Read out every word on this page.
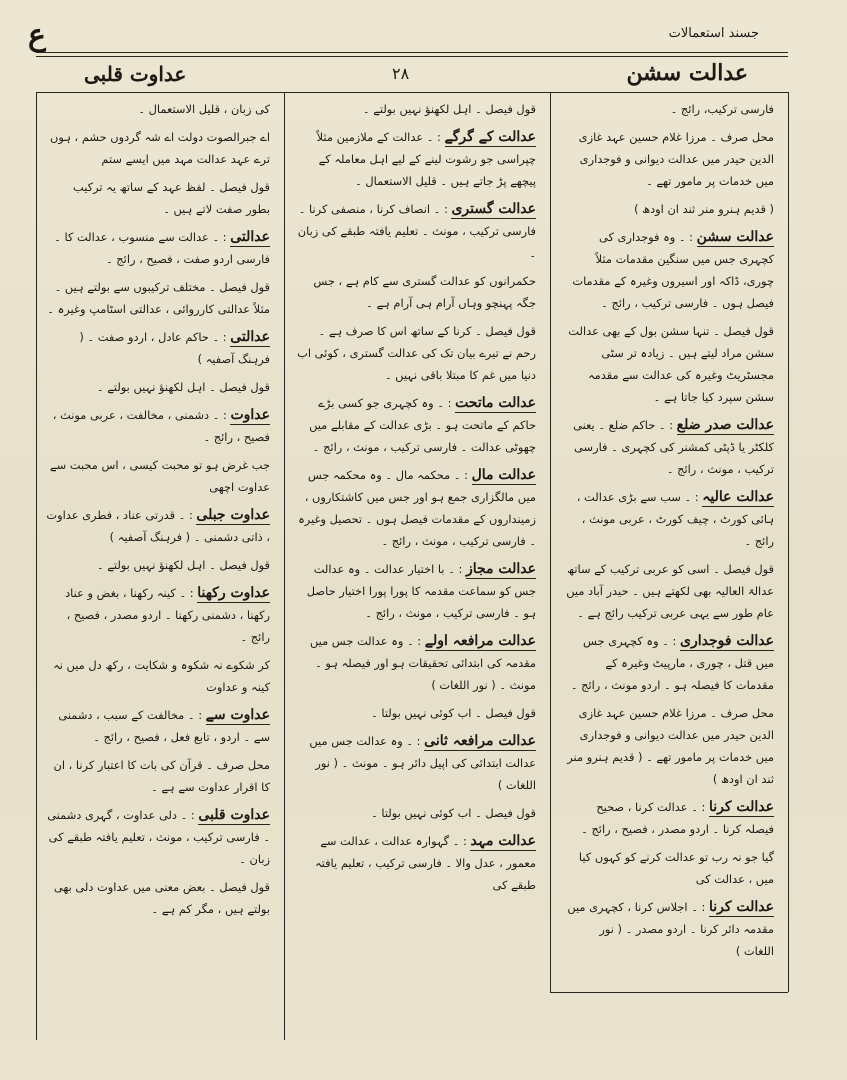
ع	جسند استعمالات
عداوت قلبی	۲۸	عدالت سشن
فارسی ترکیب، رائج ۔
محل صرف ۔ مرزا غلام حسین عہد غازی الدین حیدر میں عدالت دیوانی و فوجداری میں خدمات پر مامور تھے ۔
( قدیم ہنرو منر ثند ان اودھ )
عدالت سشن : ۔ وہ فوجداری کی کچہری جس میں سنگین مقدمات مثلاً چوری، ڈاکہ اور اسیروں وغیرہ کے مقدمات فیصل ہوں ۔ فارسی ترکیب ، رائج ۔
قول فیصل ۔ تنہا سشن بول کے بھی عدالت سشن مراد لیتے ہیں ۔ زیادہ تر سٹی مجسٹریٹ وغیرہ کی عدالت سے مقدمہ سشن سپرد کیا جاتا ہے ۔
عدالت صدر ضلع : ۔ حاکم ضلع ۔ یعنی کلکٹر یا ڈپٹی کمشنر کی کچہری ۔ فارسی ترکیب ، مونث ، رائج ۔
عدالت عالیہ : ۔ سب سے بڑی عدالت ، ہائی کورٹ ، چیف کورٹ ، عربی مونث ، رائج ۔
قول فیصل ۔ اسی کو عربی ترکیب کے ساتھ عدالۃ العالیہ بھی لکھتے ہیں ۔ حیدر آباد میں عام طور سے یہی عربی ترکیب رائج ہے ۔
عدالت فوجداری : ۔ وہ کچہری جس میں قتل ، چوری ، مارپیٹ وغیرہ کے مقدمات کا فیصلہ ہو ۔ اردو مونث ، رائج ۔
محل صرف ۔ مرزا غلام حسین عہد غازی الدین حیدر میں عدالت دیوانی و فوجداری میں خدمات پر مامور تھے ۔ ( قدیم ہنرو منر ثند ان اودھ )
عدالت کرنا : ۔ عدالت کرنا ، صحیح فیصلہ کرنا ۔ اردو مصدر ، فصیح ، رائج ۔
گیا جو نہ رب تو عدالت کرنے کو کہوں کیا میں ، عدالت کی
عدالت کرنا : ۔ اجلاس کرنا ، کچہری میں مقدمہ دائر کرنا ۔ اردو مصدر ۔ ( نور اللغات )
قول فیصل ۔ اہل لکھنؤ نہیں بولتے ۔
عدالت کے گرگے : ۔ عدالت کے ملازمین مثلاً چپراسی جو رشوت لینے کے لیے اہل معاملہ کے پیچھے پڑ جاتے ہیں ۔ قلیل الاستعمال ۔
عدالت گستری : ۔ انصاف کرنا ، منصفی کرنا ۔ فارسی ترکیب ، مونث ۔ تعلیم یافتہ طبقے کی زبان ۔
حکمرانوں کو عدالت گستری سے کام ہے ، جس جگہ پہنچو وہاں آرام ہی آرام ہے ۔
قول فیصل ۔ کرنا کے ساتھ اس کا صرف ہے ۔ رحم نے تیرے بیان تک کی عدالت گستری ، کوئی اب دنیا میں غم کا مبتلا باقی نہیں ۔
عدالت ماتحت : ۔ وہ کچہری جو کسی بڑے حاکم کے ماتحت ہو ۔ بڑی عدالت کے مقابلے میں چھوٹی عدالت ۔ فارسی ترکیب ، مونث ، رائج ۔
عدالت مال : ۔ محکمہ مال ۔ وہ محکمہ جس میں مالگزاری جمع ہو اور جس میں کاشتکاروں ، زمینداروں کے مقدمات فیصل ہوں ۔ تحصیل وغیرہ ۔ فارسی ترکیب ، مونث ، رائج ۔
عدالت مجاز : ۔ با اختیار عدالت ۔ وہ عدالت جس کو سماعت مقدمہ کا پورا پورا اختیار حاصل ہو ۔ فارسی ترکیب ، مونث ، رائج ۔
عدالت مرافعہ اولے : ۔ وہ عدالت جس میں مقدمہ کی ابتدائی تحقیقات ہو اور فیصلہ ہو ۔ مونث ۔ ( نور اللغات )
قول فیصل ۔ اب کوئی نہیں بولتا ۔
عدالت مرافعہ ثانی : ۔ وہ عدالت جس میں عدالت ابتدائی کی اپیل دائر ہو ۔ مونث ۔ ( نور اللغات )
قول فیصل ۔ اب کوئی نہیں بولتا ۔
عدالت مہد : ۔ گہوارہ عدالت ، عدالت سے معمور ، عدل والا ۔ فارسی ترکیب ، تعلیم یافتہ طبقے کی
کی زبان ، قلیل الاستعمال ۔
اے جبرالصوت دولت اے شہ گردوں حشم ، ہوں ترے عہد عدالت مہد میں ایسے ستم
قول فیصل ۔ لفظ عہد کے ساتھ یہ ترکیب بطور صفت لاتے ہیں ۔
عدالتی : ۔ عدالت سے منسوب ، عدالت کا ۔ فارسی اردو صفت ، فصیح ، رائج ۔
قول فیصل ۔ مختلف ترکیبوں سے بولتے ہیں ۔ مثلاً عدالتی کارروائی ، عدالتی اسٹامپ وغیرہ ۔
عدالتی : ۔ حاکم عادل ، اردو صفت ۔ ( فرہنگ آصفیہ )
قول فیصل ۔ اہل لکھنؤ نہیں بولتے ۔
عداوت : ۔ دشمنی ، مخالفت ، عربی مونث ، فصیح ، رائج ۔
جب غرض ہو تو محبت کیسی ، اس محبت سے عداوت اچھی
عداوت جبلی : ۔ قدرتی عناد ، فطری عداوت ، ذاتی دشمنی ۔ ( فرہنگ آصفیہ )
قول فیصل ۔ اہل لکھنؤ نہیں بولتے ۔
عداوت رکھنا : ۔ کینہ رکھنا ، بغض و عناد رکھنا ، دشمنی رکھنا ۔ اردو مصدر ، فصیح ، رائج ۔
کر شکوے نہ شکوہ و شکایت ، رکھ دل میں نہ کینہ و عداوت
عداوت سے : ۔ مخالفت کے سبب ، دشمنی سے ۔ اردو ، تابع فعل ، فصیح ، رائج ۔
محل صرف ۔ قرآن کی بات کا اعتبار کرنا ، ان کا اقرار عداوت سے ہے ۔
عداوت قلبی : ۔ دلی عداوت ، گہری دشمنی ۔ فارسی ترکیب ، مونث ، تعلیم یافتہ طبقے کی زبان ۔
قول فیصل ۔ بعض معنی میں عداوت دلی بھی بولتے ہیں ، مگر کم ہے ۔
